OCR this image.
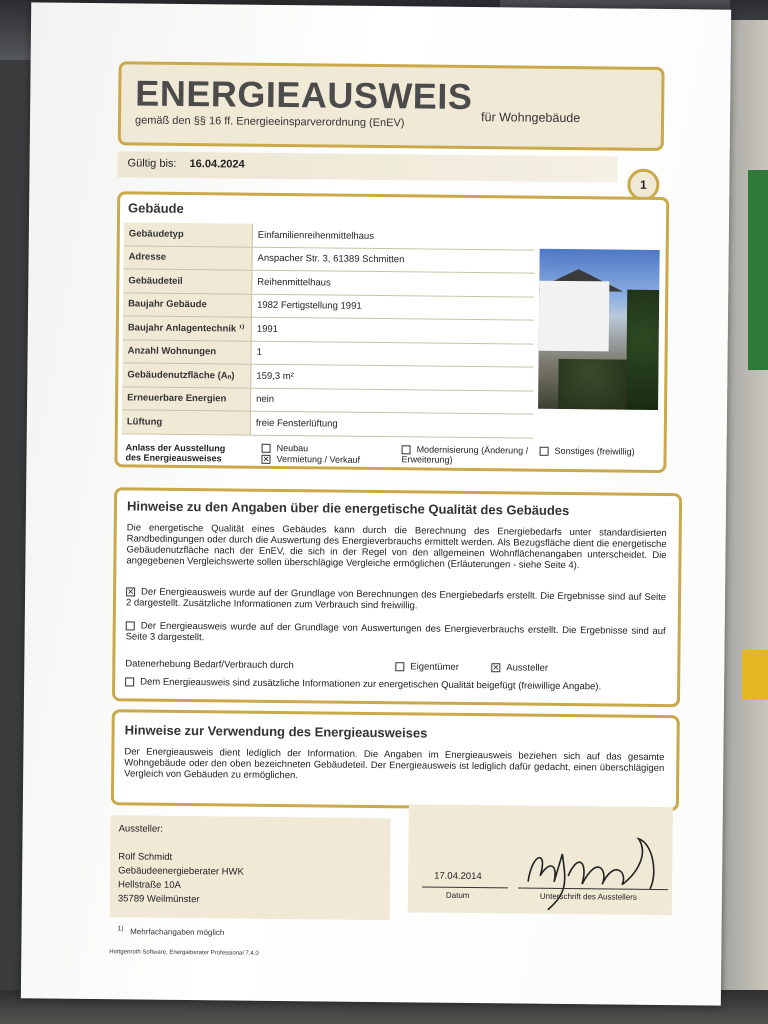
ENERGIEAUSWEIS
gemäß den §§ 16 ff. Energieeinsparverordnung (EnEV)	für Wohngebäude
Gültig bis: 16.04.2024
1
Gebäude
Gebäudetyp	Einfamilienreihenmittelhaus
Adresse	Anspacher Str. 3, 61389 Schmitten
Gebäudeteil	Reihenmittelhaus
Baujahr Gebäude	1982 Fertigstellung 1991
Baujahr Anlagentechnik ¹⁾	1991
Anzahl Wohnungen	1
Gebäudenutzfläche (Aₙ)	159,3 m²
Erneuerbare Energien	nein
Lüftung	freie Fensterlüftung
Anlass der Ausstellung des Energieausweises
Neubau
✕ Vermietung / Verkauf
Modernisierung (Änderung / Erweiterung)
Sonstiges (freiwillig)
Hinweise zu den Angaben über die energetische Qualität des Gebäudes
Die energetische Qualität eines Gebäudes kann durch die Berechnung des Energiebedarfs unter standardisierten Randbedingungen oder durch die Auswertung des Energieverbrauchs ermittelt werden. Als Bezugsfläche dient die energetische Gebäudenutzfläche nach der EnEV, die sich in der Regel von den allgemeinen Wohnflächenangaben unterscheidet. Die angegebenen Vergleichswerte sollen überschlägige Vergleiche ermöglichen (Erläuterungen - siehe Seite 4).
✕ Der Energieausweis wurde auf der Grundlage von Berechnungen des Energiebedarfs erstellt. Die Ergebnisse sind auf Seite 2 dargestellt. Zusätzliche Informationen zum Verbrauch sind freiwillig.
Der Energieausweis wurde auf der Grundlage von Auswertungen des Energieverbrauchs erstellt. Die Ergebnisse sind auf Seite 3 dargestellt.
Datenerhebung Bedarf/Verbrauch durch	Eigentümer	✕ Aussteller
Dem Energieausweis sind zusätzliche Informationen zur energetischen Qualität beigefügt (freiwillige Angabe).
Hinweise zur Verwendung des Energieausweises
Der Energieausweis dient lediglich der Information. Die Angaben im Energieausweis beziehen sich auf das gesamte Wohngebäude oder den oben bezeichneten Gebäudeteil. Der Energieausweis ist lediglich dafür gedacht, einen überschlägigen Vergleich von Gebäuden zu ermöglichen.
Aussteller:
Rolf Schmidt
Gebäudeenergieberater HWK
Hellstraße 10A
35789 Weilmünster
17.04.2014
Datum	Unterschrift des Ausstellers
$^{1)}$ Mehrfachangaben möglich
Hottgenroth Software, Energieberater Professional 7.4.0
